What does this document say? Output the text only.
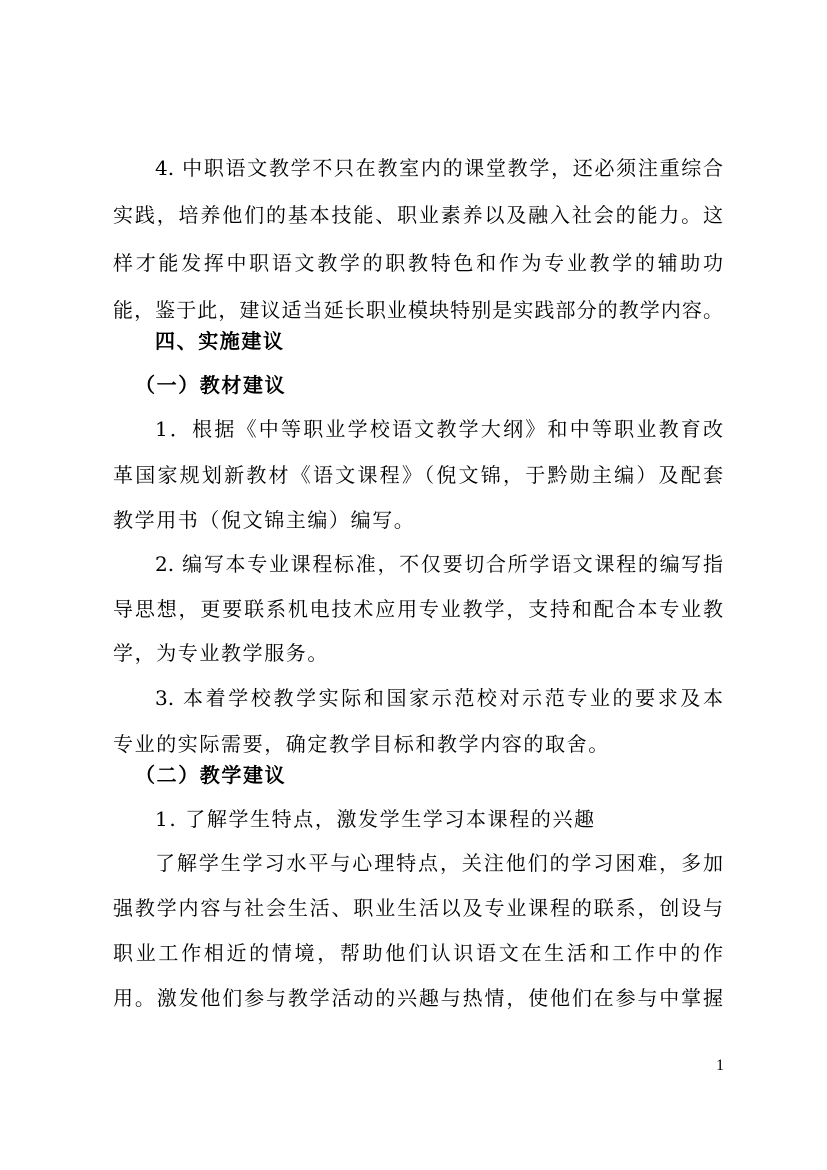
4. 中职语文教学不只在教室内的课堂教学，还必须注重综合
实践，培养他们的基本技能、职业素养以及融入社会的能力。这
样才能发挥中职语文教学的职教特色和作为专业教学的辅助功
能，鉴于此，建议适当延长职业模块特别是实践部分的教学内容。
四、实施建议
（一）教材建议
1．根据《中等职业学校语文教学大纲》和中等职业教育改
革国家规划新教材《语文课程》（倪文锦，于黔勋主编）及配套
教学用书（倪文锦主编）编写。
2. 编写本专业课程标准，不仅要切合所学语文课程的编写指
导思想，更要联系机电技术应用专业教学，支持和配合本专业教
学，为专业教学服务。
3. 本着学校教学实际和国家示范校对示范专业的要求及本
专业的实际需要，确定教学目标和教学内容的取舍。
（二）教学建议
1. 了解学生特点，激发学生学习本课程的兴趣
了解学生学习水平与心理特点，关注他们的学习困难，多加
强教学内容与社会生活、职业生活以及专业课程的联系，创设与
职业工作相近的情境，帮助他们认识语文在生活和工作中的作
用。激发他们参与教学活动的兴趣与热情，使他们在参与中掌握
1
